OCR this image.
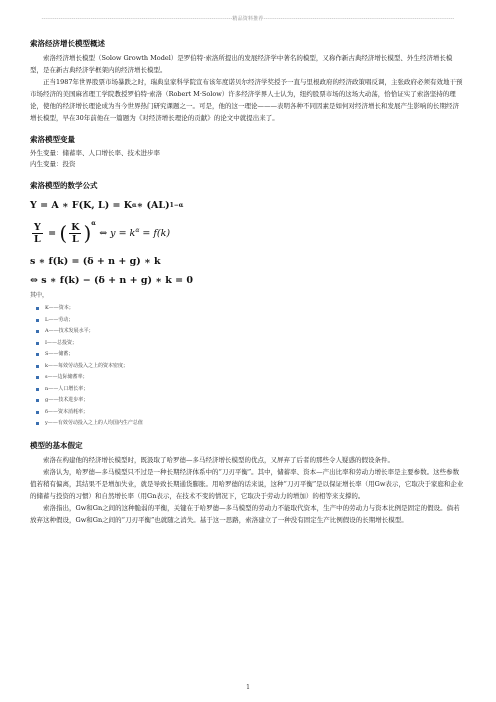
-----------------------------------------------------------------------------------------------------精品资料推荐-----------------------------------------------------------------------------------------------------
索洛经济增长模型概述

索洛经济增长模型（Solow Growth Model）是罗伯特·索洛所提出的发展经济学中著名的模型，又称作新古典经济增长模型、外生经济增长模型，是在新古典经济学框架内的经济增长模型。

正当1987年世界股票市场暴跌之时，瑞典皇家科学院宣布该年度诺贝尔经济学奖授予一直与里根政府的经济政策唱反调，主张政府必须有效地干预市场经济的美国麻省理工学院教授罗伯特·索洛（Robert M·Solow）许多经济学界人士认为，纽约股票市场的这场大动荡，恰恰证实了索洛坚持的理论，使他的经济增长理论成为当今世界热门研究课题之一。可是，他的这一理论———表明各种不同因素是如何对经济增长和发展产生影响的长期经济增长模型，早在30年前他在一篇题为《对经济增长理论的贡献》的论文中就提出来了。

索洛模型变量
外生变量：储蓄率、人口增长率、技术进步率
内生变量：投资
索洛模型的数学公式
Y = A ∗ F(K, L) = K α ∗ (AL) 1−α
$\frac{Y}{L}$ = ( $\frac{K}{L} )^\alpha$

⇔ $y = k^\alpha = f(k)$
s ∗ f(k) = (δ + n + g) ∗ k
⇔ s ∗ f(k) − (δ + n + g) ∗ k = 0
其中，
K——资本；
L——劳动；
A——技术发展水平；
I——总投资；
S——储蓄；
k——每效劳动投入之上的资本密度；
s——边际储蓄率；
n——人口增长率；
g——技术进步率；
δ——资本消耗率；
y——有效劳动投入之上的人均国内生产总值
模型的基本假定

索洛在构建他的经济增长模型时，既汲取了哈罗德—多马经济增长模型的优点，又屏弃了后者的那些令人疑惑的假设条件。

索洛认为，哈罗德—多马模型只不过是一种长期经济体系中的“刀刃平衡”。其中，储蓄率、资本—产出比率和劳动力增长率是主要参数。这些参数值若稍有偏离，其结果不是增加失业，就是导致长期通货膨胀。用哈罗德的话来说，这种“刀刃平衡”是以保证增长率（用Gw表示，它取决于家庭和企业的储蓄与投资的习惯）和自然增长率（用Gn表示，在技术不变的情况下，它取决于劳动力的增加）的相等来支撑的。

索洛指出，Gw和Gn之间的这种脆弱的平衡，关键在于哈罗德—多马模型的劳动力不能取代资本，生产中的劳动力与资本比例是固定的假设。倘若放弃这种假设，Gw和Gn之间的“刀刃平衡”也就随之消失。基于这一思路，索洛建立了一种没有固定生产比例假设的长期增长模型。

1
